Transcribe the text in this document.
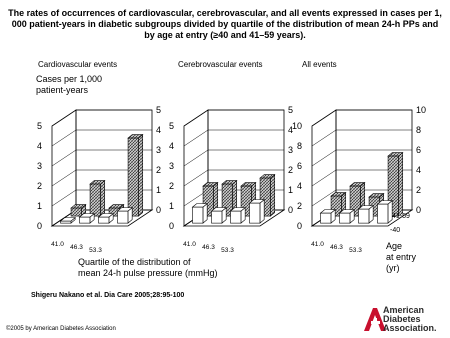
The rates of occurrences of cardiovascular, cerebrovascular, and all events expressed in cases per 1, 000 patient-years in diabetic subgroups divided by quartile of the distribution of mean 24-h PPs and by age at entry (≥40 and 41–59 years).
Cardiovascular events
0
1
2
3
4
5
0
1
2
3
4
5
41.0 46.3 53.3
Cerebrovascular events
0
1
2
3
4
5
0
1
2
3
4
5
41.0 46.3 53.3
All events
0
2
4
6
8
10
0
2
4
6
8
10
41.0 46.3 53.3
Cases per 1,000
patient-years
Quartile of the distribution of
mean 24-h pulse pressure (mmHg)
Age
at entry
(yr)
41-59
-40
Shigeru Nakano et al. Dia Care 2005;28:95-100
©2005 by American Diabetes Association
American
Diabetes
Association.
